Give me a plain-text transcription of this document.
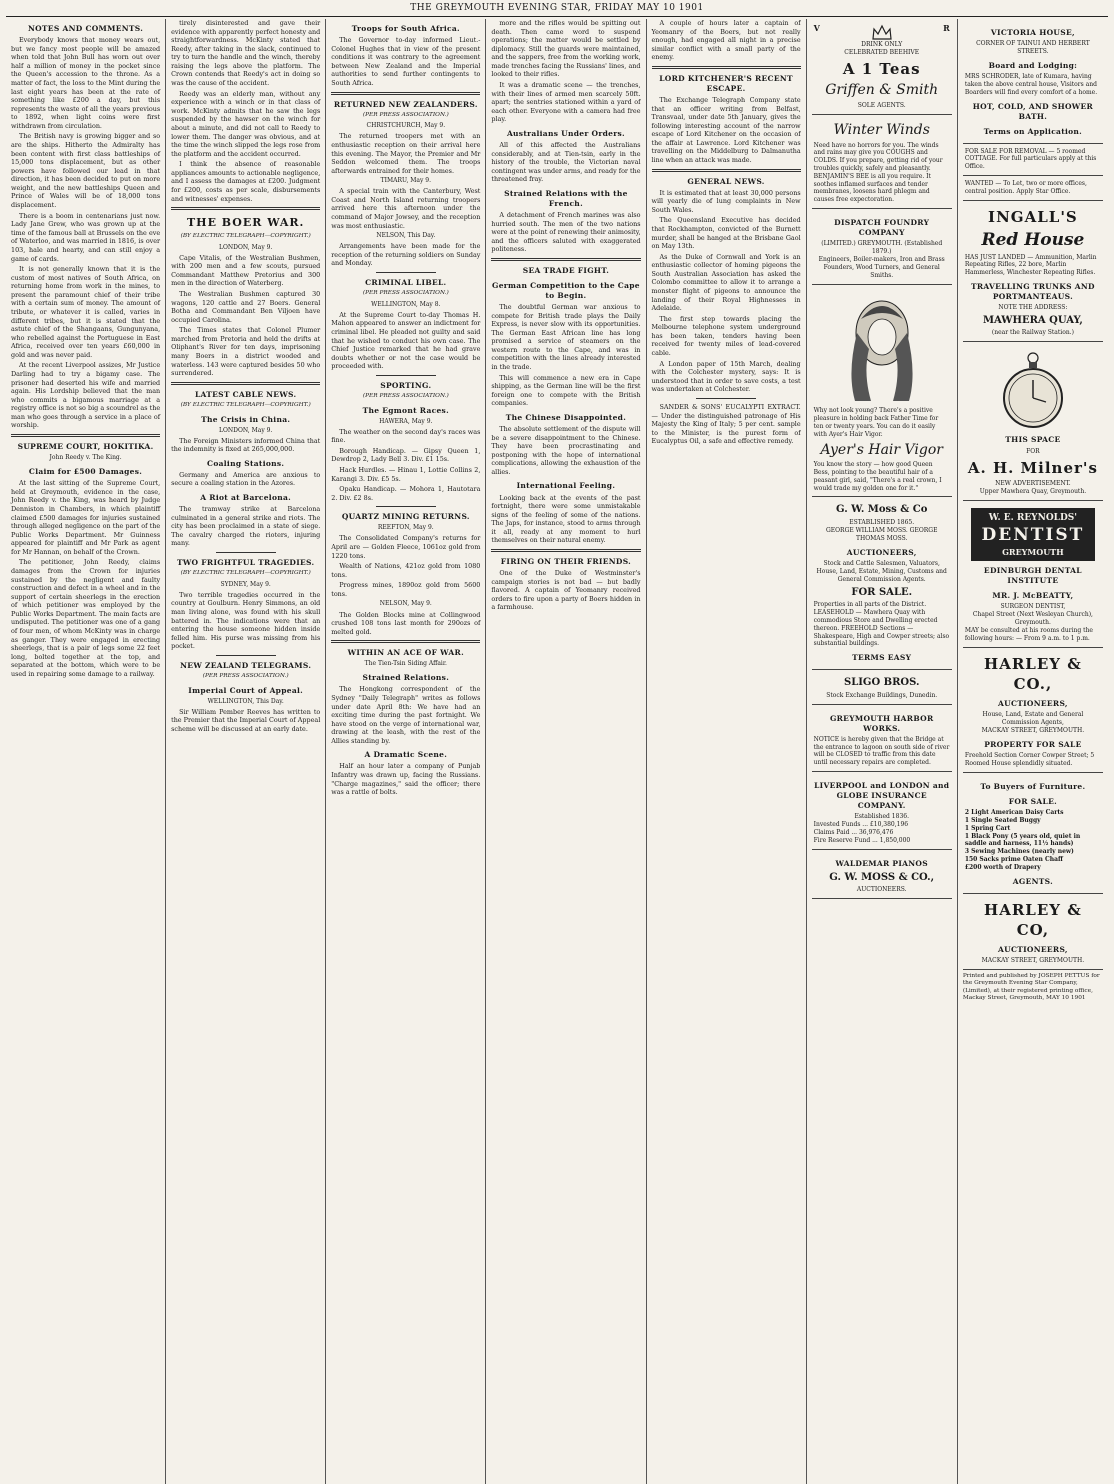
THE GREYMOUTH EVENING STAR, FRIDAY MAY 10 1901
NOTES AND COMMENTS.

Everybody knows that money wears out, but we fancy most people will be amazed when told that John Bull has worn out over half a million of money in the pocket since the Queen's accession to the throne. As a matter of fact, the loss to the Mint during the last eight years has been at the rate of something like £200 a day, but this represents the waste of all the years previous to 1892, when light coins were first withdrawn from circulation.

The British navy is growing bigger and so are the ships. Hitherto the Admiralty has been content with first class battleships of 15,000 tons displacement, but as other powers have followed our lead in that direction, it has been decided to put on more weight, and the new battleships Queen and Prince of Wales will be of 18,000 tons displacement.

There is a boom in centenarians just now. Lady Jane Grew, who was grown up at the time of the famous ball at Brussels on the eve of Waterloo, and was married in 1816, is over 103, hale and hearty, and can still enjoy a game of cards.

It is not generally known that it is the custom of most natives of South Africa, on returning home from work in the mines, to present the paramount chief of their tribe with a certain sum of money. The amount of tribute, or whatever it is called, varies in different tribes, but it is stated that the astute chief of the Shangaans, Gungunyana, who rebelled against the Portuguese in East Africa, received over ten years £60,000 in gold and was never paid.

At the recent Liverpool assizes, Mr Justice Darling had to try a bigamy case. The prisoner had deserted his wife and married again. His Lordship believed that the man who commits a bigamous marriage at a registry office is not so big a scoundrel as the man who goes through a service in a place of worship.

SUPREME COURT, HOKITIKA.
John Reedy v. The King.
Claim for £500 Damages.

At the last sitting of the Supreme Court, held at Greymouth, evidence in the case, John Reedy v. the King, was heard by Judge Denniston in Chambers, in which plaintiff claimed £500 damages for injuries sustained through alleged negligence on the part of the Public Works Department. Mr Guinness appeared for plaintiff and Mr Park as agent for Mr Hannan, on behalf of the Crown.

The petitioner, John Reedy, claims damages from the Crown for injuries sustained by the negligent and faulty construction and defect in a wheel and in the support of certain sheerlegs in the erection of which petitioner was employed by the Public Works Department. The main facts are undisputed. The petitioner was one of a gang of four men, of whom McKinty was in charge as ganger. They were engaged in erecting sheerlegs, that is a pair of legs some 22 feet long, bolted together at the top, and separated at the bottom, which were to be used in repairing some damage to a railway.

tirely disinterested and gave their evidence with apparently perfect honesty and straightforwardness. McKinty stated that Reedy, after taking in the slack, continued to try to turn the handle and the winch, thereby raising the legs above the platform. The Crown contends that Reedy's act in doing so was the cause of the accident.

Reedy was an elderly man, without any experience with a winch or in that class of work. McKinty admits that he saw the legs suspended by the hawser on the winch for about a minute, and did not call to Reedy to lower them. The danger was obvious, and at the time the winch slipped the legs rose from the platform and the accident occurred.

I think the absence of reasonable appliances amounts to actionable negligence, and I assess the damages at £200. Judgment for £200, costs as per scale, disbursements and witnesses' expenses.

THE BOER WAR.
(BY ELECTRIC TELEGRAPH—COPYRIGHT.)
LONDON, May 9.

Cape Vitalis, of the Westralian Bushmen, with 200 men and a few scouts, pursued Commandant Matthew Pretorius and 300 men in the direction of Waterberg.

The Westralian Bushmen captured 30 wagons, 120 cattle and 27 Boers. General Botha and Commandant Ben Viljoen have occupied Carolina.

The Times states that Colonel Plumer marched from Pretoria and held the drifts at Oliphant's River for ten days, imprisoning many Boers in a district wooded and waterless. 143 were captured besides 50 who surrendered.

LATEST CABLE NEWS.
(BY ELECTRIC TELEGRAPH—COPYRIGHT.)
The Crisis in China.
LONDON, May 9.

The Foreign Ministers informed China that the indemnity is fixed at 265,000,000.

Coaling Stations.

Germany and America are anxious to secure a coaling station in the Azores.

A Riot at Barcelona.

The tramway strike at Barcelona culminated in a general strike and riots. The city has been proclaimed in a state of siege. The cavalry charged the rioters, injuring many.

TWO FRIGHTFUL TRAGEDIES.
(BY ELECTRIC TELEGRAPH—COPYRIGHT.)
SYDNEY, May 9.

Two terrible tragedies occurred in the country at Goulburn. Henry Simmons, an old man living alone, was found with his skull battered in. The indications were that an entering the house someone hidden inside felled him. His purse was missing from his pocket.

NEW ZEALAND TELEGRAMS.
(PER PRESS ASSOCIATION.)
Imperial Court of Appeal.
WELLINGTON, This Day.

Sir William Pember Reeves has written to the Premier that the Imperial Court of Appeal scheme will be discussed at an early date.

Troops for South Africa.

The Governor to-day informed Lieut.-Colonel Hughes that in view of the present conditions it was contrary to the agreement between New Zealand and the Imperial authorities to send further contingents to South Africa.

RETURNED NEW ZEALANDERS.
(PER PRESS ASSOCIATION.)
CHRISTCHURCH, May 9.

The returned troopers met with an enthusiastic reception on their arrival here this evening. The Mayor, the Premier and Mr Seddon welcomed them. The troops afterwards entrained for their homes.

TIMARU, May 9.

A special train with the Canterbury, West Coast and North Island returning troopers arrived here this afternoon under the command of Major Jowsey, and the reception was most enthusiastic.

NELSON, This Day.

Arrangements have been made for the reception of the returning soldiers on Sunday and Monday.

CRIMINAL LIBEL.
(PER PRESS ASSOCIATION.)
WELLINGTON, May 8.

At the Supreme Court to-day Thomas H. Mahon appeared to answer an indictment for criminal libel. He pleaded not guilty and said that he wished to conduct his own case. The Chief Justice remarked that he had grave doubts whether or not the case would be proceeded with.

SPORTING.
(PER PRESS ASSOCIATION.)
The Egmont Races.
HAWERA, May 9.

The weather on the second day's races was fine.

Borough Handicap. — Gipsy Queen 1, Dewdrop 2, Lady Bell 3. Div. £1 15s.

Hack Hurdles. — Hinau 1, Lottie Collins 2, Karangi 3. Div. £5 5s.

Opaku Handicap. — Mohora 1, Hautotara 2. Div. £2 8s.

QUARTZ MINING RETURNS.
REEFTON, May 9.

The Consolidated Company's returns for April are — Golden Fleece, 1061oz gold from 1220 tons.

Wealth of Nations, 421oz gold from 1080 tons.

Progress mines, 1890oz gold from 5600 tons.

NELSON, May 9.

The Golden Blocks mine at Collingwood crushed 108 tons last month for 290ozs of melted gold.

WITHIN AN ACE OF WAR.
The Tien-Tsin Siding Affair.
Strained Relations.

The Hongkong correspondent of the Sydney "Daily Telegraph" writes as follows under date April 8th: We have had an exciting time during the past fortnight. We have stood on the verge of international war, drawing at the leash, with the rest of the Allies standing by.

A Dramatic Scene.

Half an hour later a company of Punjab Infantry was drawn up, facing the Russians. "Charge magazines," said the officer; there was a rattle of bolts.

more and the rifles would be spitting out death. Then came word to suspend operations; the matter would be settled by diplomacy. Still the guards were maintained, and the sappers, free from the working work, made trenches facing the Russians' lines, and looked to their rifles.

It was a dramatic scene — the trenches, with their lines of armed men scarcely 50ft. apart; the sentries stationed within a yard of each other. Everyone with a camera had free play.

Australians Under Orders.

All of this affected the Australians considerably, and at Tien-tsin, early in the history of the trouble, the Victorian naval contingent was under arms, and ready for the threatened fray.

Strained Relations with the French.

A detachment of French marines was also hurried south. The men of the two nations were at the point of renewing their animosity, and the officers saluted with exaggerated politeness.

SEA TRADE FIGHT.
German Competition to the Cape to Begin.

The doubtful German war anxious to compete for British trade plays the Daily Express, is never slow with its opportunities. The German East African line has long promised a service of steamers on the western route to the Cape, and was in competition with the lines already interested in the trade.

This will commence a new era in Cape shipping, as the German line will be the first foreign one to compete with the British companies.

The Chinese Disappointed.

The absolute settlement of the dispute will be a severe disappointment to the Chinese. They have been procrastinating and postponing with the hope of international complications, allowing the exhaustion of the allies.

International Feeling.

Looking back at the events of the past fortnight, there were some unmistakable signs of the feeling of some of the nations. The Japs, for instance, stood to arms through it all, ready at any moment to hurl themselves on their natural enemy.

FIRING ON THEIR FRIENDS.

One of the Duke of Westminster's campaign stories is not bad — but badly flavored. A captain of Yeomanry received orders to fire upon a party of Boers hidden in a farmhouse.

A couple of hours later a captain of Yeomanry of the Boers, but not really enough, had engaged all night in a precise similar conflict with a small party of the enemy.

LORD KITCHENER'S RECENT ESCAPE.

The Exchange Telegraph Company state that an officer writing from Belfast, Transvaal, under date 5th January, gives the following interesting account of the narrow escape of Lord Kitchener on the occasion of the affair at Lawrence. Lord Kitchener was travelling on the Middelburg to Dalmanutha line when an attack was made.

GENERAL NEWS.

It is estimated that at least 30,000 persons will yearly die of lung complaints in New South Wales.

The Queensland Executive has decided that Rockhampton, convicted of the Burnett murder, shall be hanged at the Brisbane Gaol on May 13th.

As the Duke of Cornwall and York is an enthusiastic collector of homing pigeons the South Australian Association has asked the Colombo committee to allow it to arrange a monster flight of pigeons to announce the landing of their Royal Highnesses in Adelaide.

The first step towards placing the Melbourne telephone system underground has been taken, tenders having been received for twenty miles of lead-covered cable.

A London paper of 15th March, dealing with the Colchester mystery, says: It is understood that in order to save costs, a test was undertaken at Colchester.

SANDER & SONS' EUCALYPTI EXTRACT. — Under the distinguished patronage of His Majesty the King of Italy; 5 per cent. sample to the Minister, is the purest form of Eucalyptus Oil, a safe and effective remedy.

V	R
DRINK ONLY
CELEBRATED BEEHIVE
A 1 Teas
Griffen & Smith
SOLE AGENTS.
Winter Winds
Need have no horrors for you. The winds and rains may give you COUGHS and COLDS. If you prepare, getting rid of your troubles quickly, safely and pleasantly. BENJAMIN'S BEE is all you require. It soothes inflamed surfaces and tender membranes, loosens hard phlegm and causes free expectoration.
DISPATCH FOUNDRY COMPANY
(LIMITED.) GREYMOUTH. (Established 1879.)
Engineers, Boiler-makers, Iron and Brass Founders, Wood Turners, and General Smiths.
Why not look young? There's a positive pleasure in holding back Father Time for ten or twenty years. You can do it easily with Ayer's Hair Vigor.
Ayer's Hair Vigor
You know the story — how good Queen Bess, pointing to the beautiful hair of a peasant girl, said, "There's a real crown, I would trade my golden one for it."
G. W. Moss & Co
ESTABLISHED 1865.
GEORGE WILLIAM MOSS. GEORGE THOMAS MOSS.
AUCTIONEERS,
Stock and Cattle Salesmen, Valuators, House, Land, Estate, Mining, Customs and General Commission Agents.
FOR SALE.
Properties in all parts of the District. LEASEHOLD — Mawhera Quay with commodious Store and Dwelling erected thereon. FREEHOLD Sections — Shakespeare, High and Cowper streets; also substantial buildings.
TERMS EASY
SLIGO BROS.
Stock Exchange Buildings, Dunedin.
GREYMOUTH HARBOR WORKS.
NOTICE is hereby given that the Bridge at the entrance to lagoon on south side of river will be CLOSED to traffic from this date until necessary repairs are completed.
LIVERPOOL and LONDON and GLOBE INSURANCE COMPANY.
Established 1836.
Invested Funds ... £10,380,196
Claims Paid ... 36,976,476
Fire Reserve Fund ... 1,850,000
WALDEMAR PIANOS
G. W. MOSS & CO.,
AUCTIONEERS.
VICTORIA HOUSE,
CORNER OF TAINUI AND HERBERT STREETS.
Board and Lodging:
MRS SCHRODER, late of Kumara, having taken the above central house, Visitors and Boarders will find every comfort of a home.
HOT, COLD, AND SHOWER BATH.
Terms on Application.
FOR SALE FOR REMOVAL — 5 roomed COTTAGE. For full particulars apply at this Office.
WANTED — To Let, two or more offices, central position. Apply Star Office.
INGALL'S
Red House
HAS JUST LANDED — Ammunition, Marlin Repeating Rifles, 22 bore, Marlin Hammerless, Winchester Repeating Rifles.
TRAVELLING TRUNKS AND PORTMANTEAUS.
NOTE THE ADDRESS:
MAWHERA QUAY,
(near the Railway Station.)
THIS SPACE
FOR
A. H. Milner's
NEW ADVERTISEMENT.
Upper Mawhera Quay, Greymouth.
W. E. REYNOLDS'
DENTIST
GREYMOUTH
EDINBURGH DENTAL INSTITUTE
MR. J. McBEATTY,
SURGEON DENTIST,
Chapel Street (Next Wesleyan Church), Greymouth.
MAY be consulted at his rooms during the following hours: — From 9 a.m. to 1 p.m.
HARLEY & CO.,
AUCTIONEERS,
House, Land, Estate and General Commission Agents,
MACKAY STREET, GREYMOUTH.
PROPERTY FOR SALE
Freehold Section Corner Cowper Street; 5 Roomed House splendidly situated.
To Buyers of Furniture.
FOR SALE.
2 Light American Daisy Carts
1 Single Seated Buggy
1 Spring Cart
1 Black Pony (5 years old, quiet in saddle and harness, 11½ hands)
3 Sewing Machines (nearly new)
150 Sacks prime Oaten Chaff
£200 worth of Drapery
AGENTS.
HARLEY & CO,
AUCTIONEERS,
MACKAY STREET, GREYMOUTH.
Printed and published by JOSEPH PETTUS for the Greymouth Evening Star Company, (Limited), at their registered printing office, Mackay Street, Greymouth, MAY 10 1901
